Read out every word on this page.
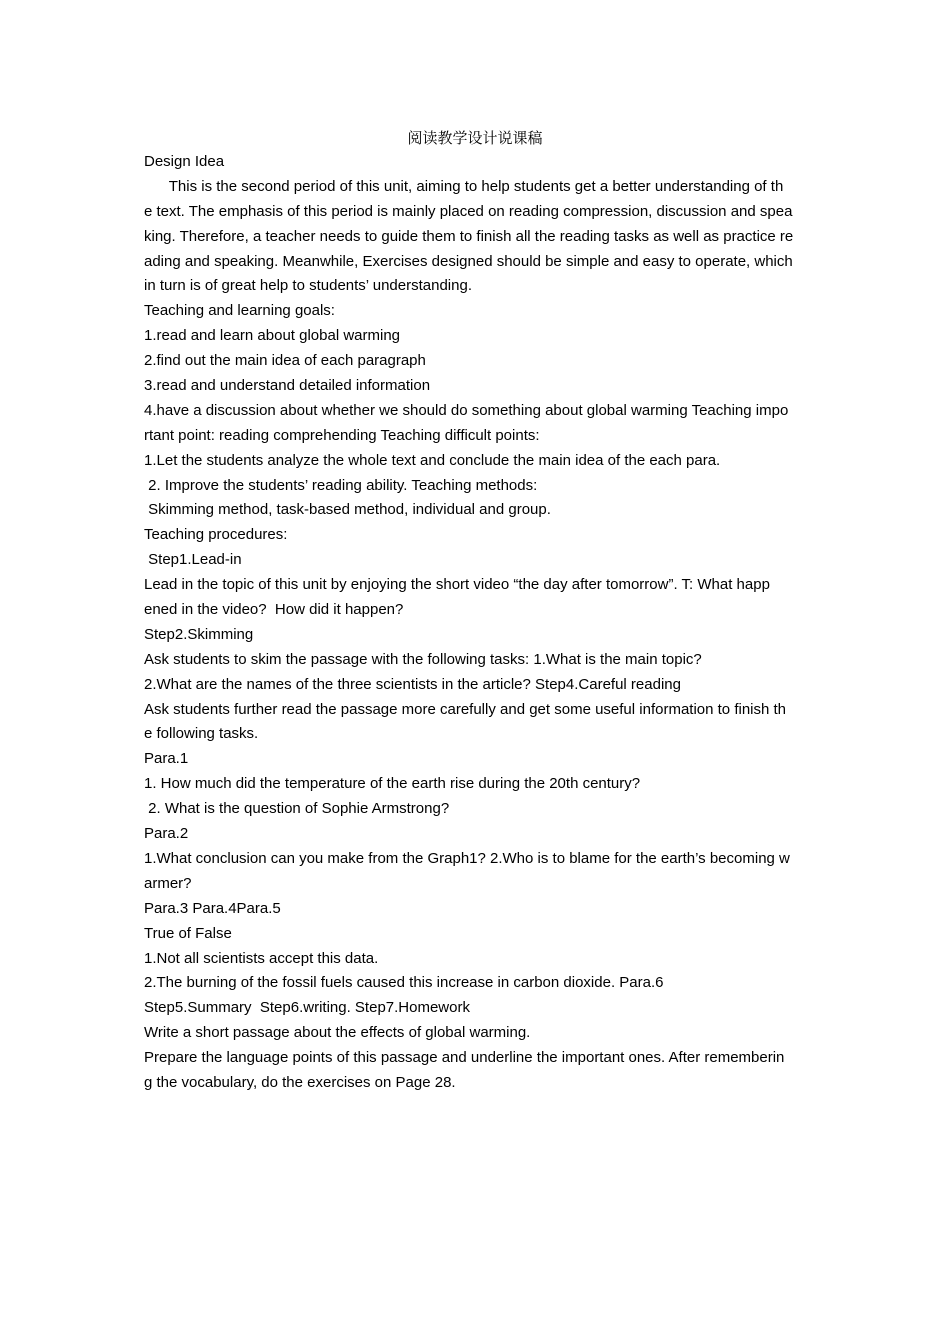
阅读教学设计说课稿
Design Idea
This is the second period of this unit, aiming to help students get a better understanding of th
e text. The emphasis of this period is mainly placed on reading compression, discussion and spea
king. Therefore, a teacher needs to guide them to finish all the reading tasks as well as practice re
ading and speaking. Meanwhile, Exercises designed should be simple and easy to operate, which
in turn is of great help to students’ understanding.
Teaching and learning goals:
1.read and learn about global warming
2.find out the main idea of each paragraph
3.read and understand detailed information
4.have a discussion about whether we should do something about global warming Teaching impo
rtant point: reading comprehending Teaching difficult points:
1.Let the students analyze the whole text and conclude the main idea of the each para.
2. Improve the students’ reading ability. Teaching methods:
Skimming method, task-based method, individual and group.
Teaching procedures:
Step1.Lead-in
Lead in the topic of this unit by enjoying the short video “the day after tomorrow”. T: What happ
ened in the video?  How did it happen?
Step2.Skimming
Ask students to skim the passage with the following tasks: 1.What is the main topic?
2.What are the names of the three scientists in the article? Step4.Careful reading
Ask students further read the passage more carefully and get some useful information to finish th
e following tasks.
Para.1
1. How much did the temperature of the earth rise during the 20th century?
2. What is the question of Sophie Armstrong?
Para.2
1.What conclusion can you make from the Graph1? 2.Who is to blame for the earth’s becoming w
armer?
Para.3 Para.4Para.5
True of False
1.Not all scientists accept this data.
2.The burning of the fossil fuels caused this increase in carbon dioxide. Para.6
Step5.Summary  Step6.writing. Step7.Homework
Write a short passage about the effects of global warming.
Prepare the language points of this passage and underline the important ones. After rememberin
g the vocabulary, do the exercises on Page 28.
